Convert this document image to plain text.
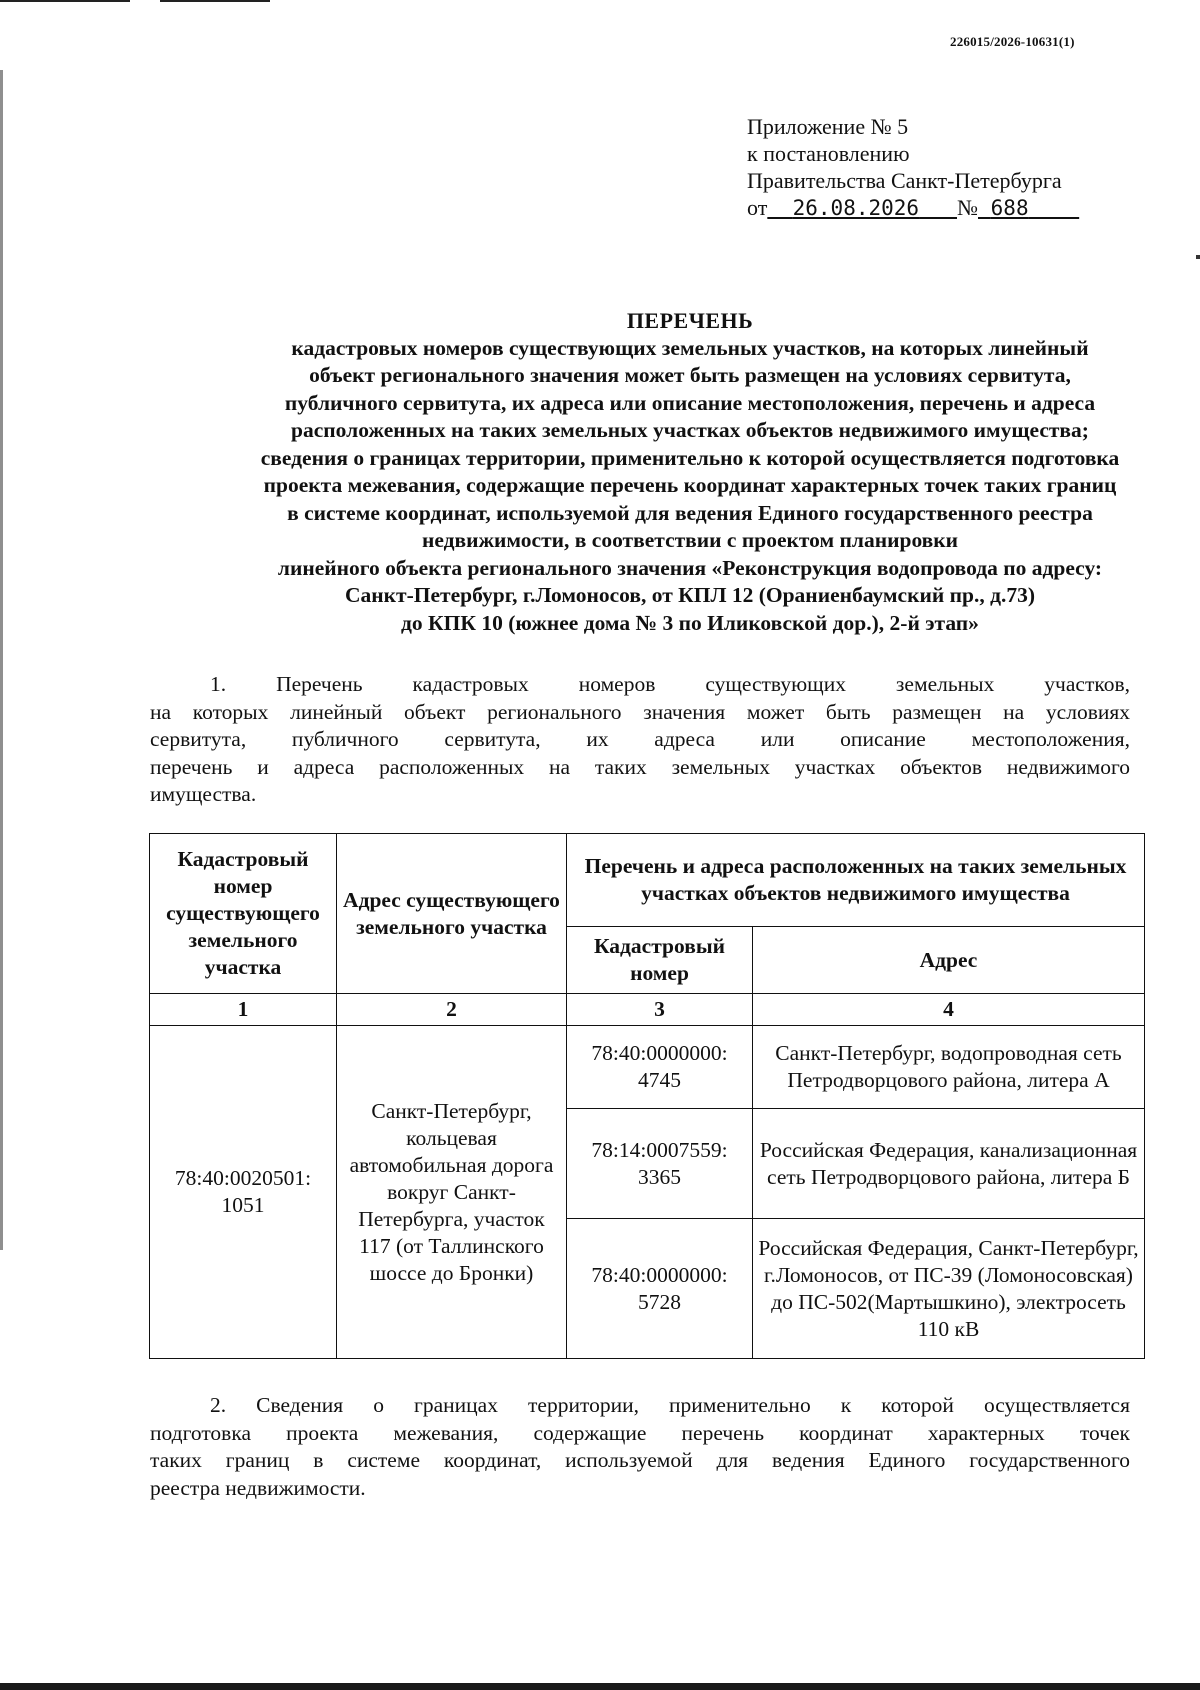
226015/2026-10631(1)
Приложение № 5
к постановлению
Правительства Санкт-Петербурга
от 26.08.2026 № 688
ПЕРЕЧЕНЬ
кадастровых номеров существующих земельных участков, на которых линейный
объект регионального значения может быть размещен на условиях сервитута,
публичного сервитута, их адреса или описание местоположения, перечень и адреса
расположенных на таких земельных участках объектов недвижимого имущества;
сведения о границах территории, применительно к которой осуществляется подготовка
проекта межевания, содержащие перечень координат характерных точек таких границ
в системе координат, используемой для ведения Единого государственного реестра
недвижимости, в соответствии с проектом планировки
линейного объекта регионального значения «Реконструкция водопровода по адресу:
Санкт-Петербург, г.Ломоносов, от КПЛ 12 (Ораниенбаумский пр., д.73)
до КПК 10 (южнее дома № 3 по Иликовской дор.), 2-й этап»
1. Перечень кадастровых номеров существующих земельных участков,
на которых линейный объект регионального значения может быть размещен на условиях
сервитута, публичного сервитута, их адреса или описание местоположения,
перечень и адреса расположенных на таких земельных участках объектов недвижимого
имущества.
Кадастровый номер существующего земельного участка	Адрес существующего земельного участка	Перечень и адреса расположенных на таких земельных участках объектов недвижимого имущества	
		Кадастровый номер	Адрес
1	2	3	4
78:40:0020501: 1051	Санкт-Петербург, кольцевая автомобильная дорога вокруг Санкт-Петербурга, участок 117 (от Таллинского шоссе до Бронки)	78:40:0000000: 4745	Санкт-Петербург, водопроводная сеть Петродворцового района, литера А
		78:14:0007559: 3365	Российская Федерация, канализационная сеть Петродворцового района, литера Б
		78:40:0000000: 5728	Российская Федерация, Санкт-Петербург, г.Ломоносов, от ПС-39 (Ломоносовская) до ПС-502(Мартышкино), электросеть 110 кВ
2. Сведения о границах территории, применительно к которой осуществляется
подготовка проекта межевания, содержащие перечень координат характерных точек
таких границ в системе координат, используемой для ведения Единого государственного
реестра недвижимости.
